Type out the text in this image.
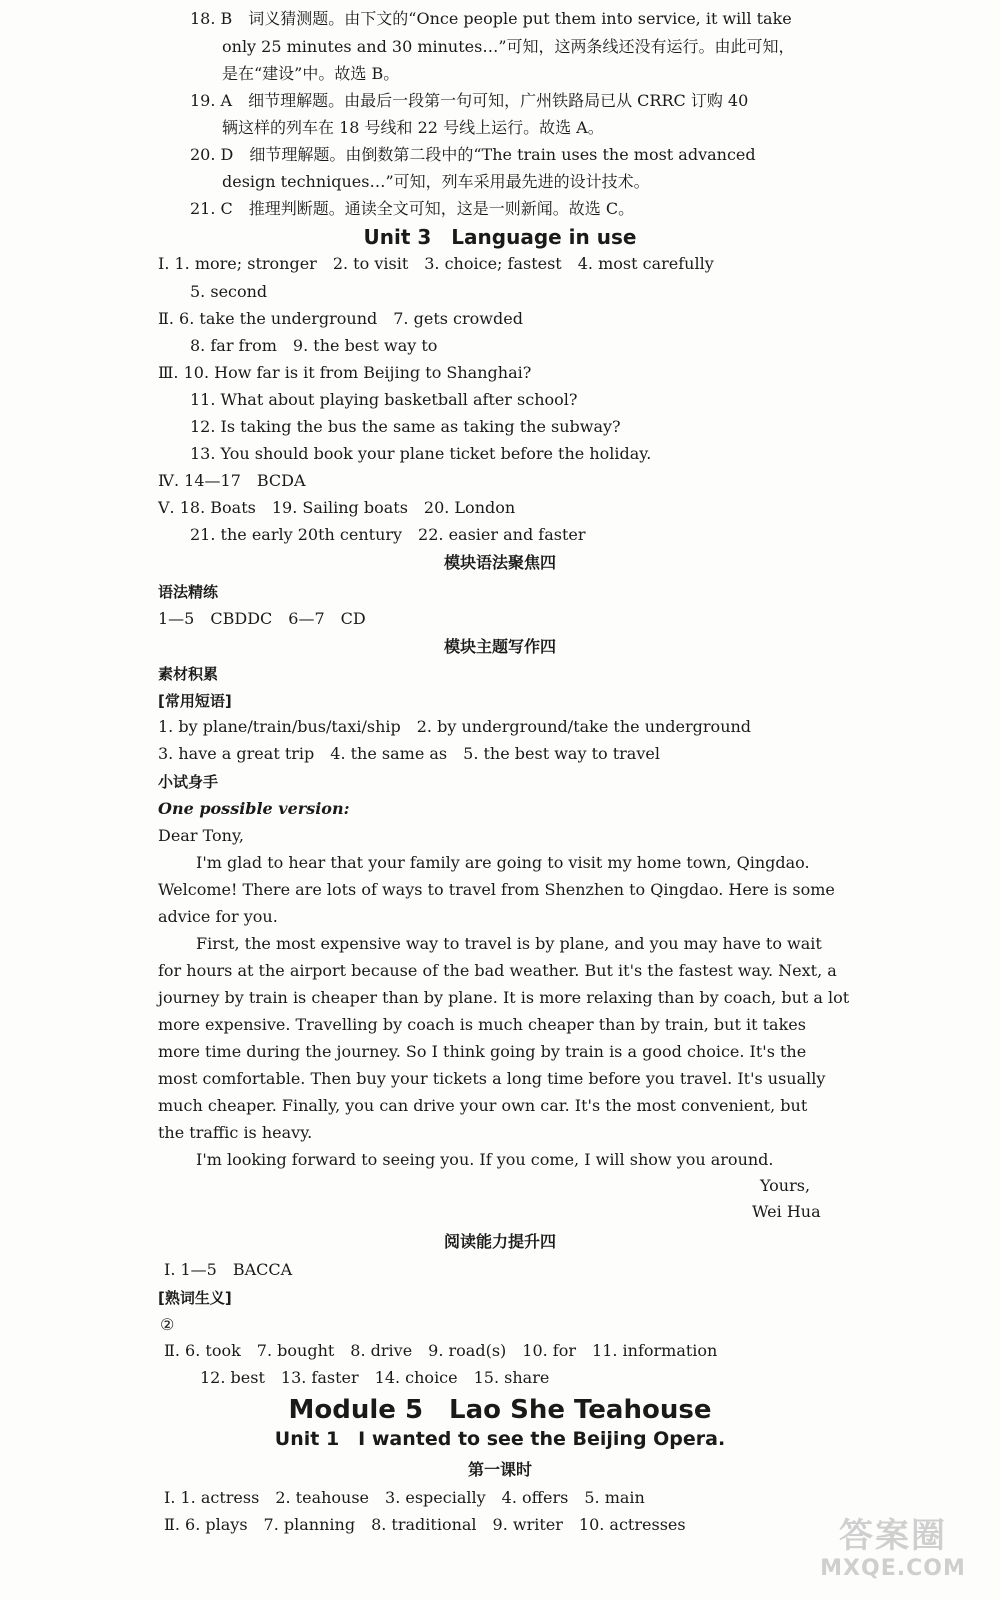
18. B　词义猜测题。由下文的“Once people put them into service, it will take
only 25 minutes and 30 minutes…”可知，这两条线还没有运行。由此可知，
是在“建设”中。故选 B。
19. A　细节理解题。由最后一段第一句可知，广州铁路局已从 CRRC 订购 40
辆这样的列车在 18 号线和 22 号线上运行。故选 A。
20. D　细节理解题。由倒数第二段中的“The train uses the most advanced
design techniques…”可知，列车采用最先进的设计技术。
21. C　推理判断题。通读全文可知，这是一则新闻。故选 C。
Unit 3　Language in use
Ⅰ. 1. more; stronger　2. to visit　3. choice; fastest　4. most carefully
5. second
Ⅱ. 6. take the underground　7. gets crowded
8. far from　9. the best way to
Ⅲ. 10. How far is it from Beijing to Shanghai?
11. What about playing basketball after school?
12. Is taking the bus the same as taking the subway?
13. You should book your plane ticket before the holiday.
Ⅳ. 14—17　BCDA
Ⅴ. 18. Boats　19. Sailing boats　20. London
21. the early 20th century　22. easier and faster
模块语法聚焦四
语法精练
1—5　CBDDC　6—7　CD
模块主题写作四
素材积累
[常用短语]
1. by plane/train/bus/taxi/ship　2. by underground/take the underground
3. have a great trip　4. the same as　5. the best way to travel
小试身手
One possible version:
Dear Tony,
I'm glad to hear that your family are going to visit my home town, Qingdao.
Welcome! There are lots of ways to travel from Shenzhen to Qingdao. Here is some
advice for you.
First, the most expensive way to travel is by plane, and you may have to wait
for hours at the airport because of the bad weather. But it's the fastest way. Next, a
journey by train is cheaper than by plane. It is more relaxing than by coach, but a lot
more expensive. Travelling by coach is much cheaper than by train, but it takes
more time during the journey. So I think going by train is a good choice. It's the
most comfortable. Then buy your tickets a long time before you travel. It's usually
much cheaper. Finally, you can drive your own car. It's the most convenient, but
the traffic is heavy.
I'm looking forward to seeing you. If you come, I will show you around.
Yours,
Wei Hua
阅读能力提升四
Ⅰ. 1—5　BACCA
[熟词生义]
②
Ⅱ. 6. took　7. bought　8. drive　9. road(s)　10. for　11. information
12. best　13. faster　14. choice　15. share
Module 5　Lao She Teahouse
Unit 1　I wanted to see the Beijing Opera.
第一课时
Ⅰ. 1. actress　2. teahouse　3. especially　4. offers　5. main
Ⅱ. 6. plays　7. planning　8. traditional　9. writer　10. actresses	答案圈
MXQE.COM
